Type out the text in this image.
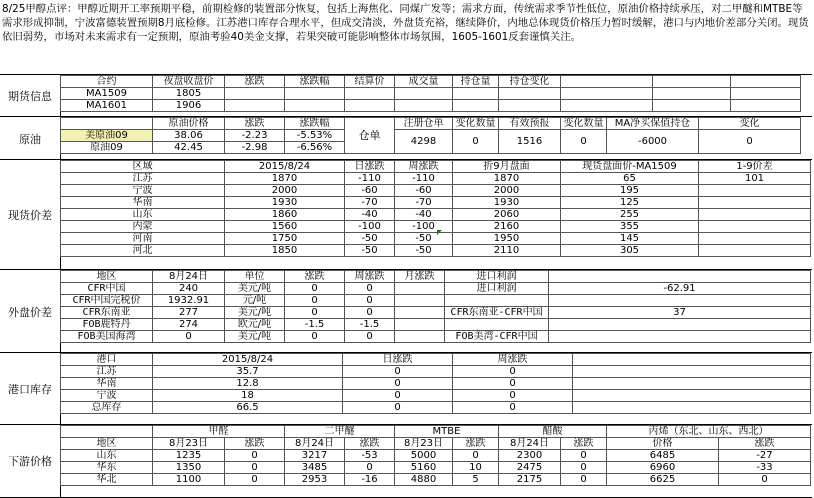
8/25甲醇点评：甲醇近期开工率预期平稳，前期检修的装置部分恢复，包括上海焦化、同煤广发等；需求方面，传统需求季节性低位，原油价格持续承压，对二甲醚和MTBE等需求形成抑制，宁波富德装置预期8月底检修。江苏港口库存合理水平，但成交清淡，外盘货充裕，继续降价，内地总体现货价格压力暂时缓解，港口与内地价差部分关闭。现货依旧弱势，市场对未来需求有一定预期，原油考验40美金支撑，若果突破可能影响整体市场氛围，1605-1601反套谨慎关注。
期货信息
合约	夜盘收盘价	涨跌	涨跌幅	结算价	成交量	持仓量	持仓变化			
MA1509	1805									
MA1601	1906									
原油
	原油价格	涨跌	涨跌幅	仓单	注册仓单	变化数量	有效预报	变化数量	MA净买保值持仓	变化
美原油09	38.06	-2.23	-5.53%		4298	0	1516	0	-6000	0
原油09	42.45	-2.98	-6.56%							
现货价差
区域	2015/8/24	日涨跌	周涨跌	折9月盘面	现货盘面价-MA1509	1-9价差
江苏	1870	-110	-110	1870	65	101
宁波	2000	-60	-60	2000	195	
华南	1930	-70	-70	1930	125	
山东	1860	-40	-40	2060	255	
内蒙	1560	-100	-100	2160	355	
河南	1750	-50	-50	1950	145	
河北	1850	-50	-50	2110	305	
外盘价差
地区	8月24日	单位	涨跌	周涨跌	月涨跌	进口利润	
CFR中国	240	美元/吨	0	0		进口利润	-62.91
CFR中国完税价	1932.91	元/吨	0	0			
CFR东南亚	277	美元/吨	0	0		CFR东南亚-CFR中国	37
FOB鹿特丹	274	欧元/吨	-1.5	-1.5			
FOB美国海湾	0	美元/吨	0	0		FOB美湾-CFR中国	
港口库存
港口	2015/8/24	日涨跌	周涨跌	
江苏	35.7	0	0	
华南	12.8	0	0	
宁波	18	0	0	
总库存	66.5	0	0	
下游价格
	甲醛		二甲醚		MTBE		醋酸		丙烯（东北、山东、西北）	
地区	8月23日	涨跌	8月24日	涨跌	8月23日	涨跌	8月24日	涨跌	价格	涨跌
山东	1235	0	3217	-53	5000	0	2300	0	6485	-27
华东	1350	0	3485	0	5160	10	2475	0	6960	-33
华北	1100	0	2953	-16	4880	5	2175	0	6625	0
